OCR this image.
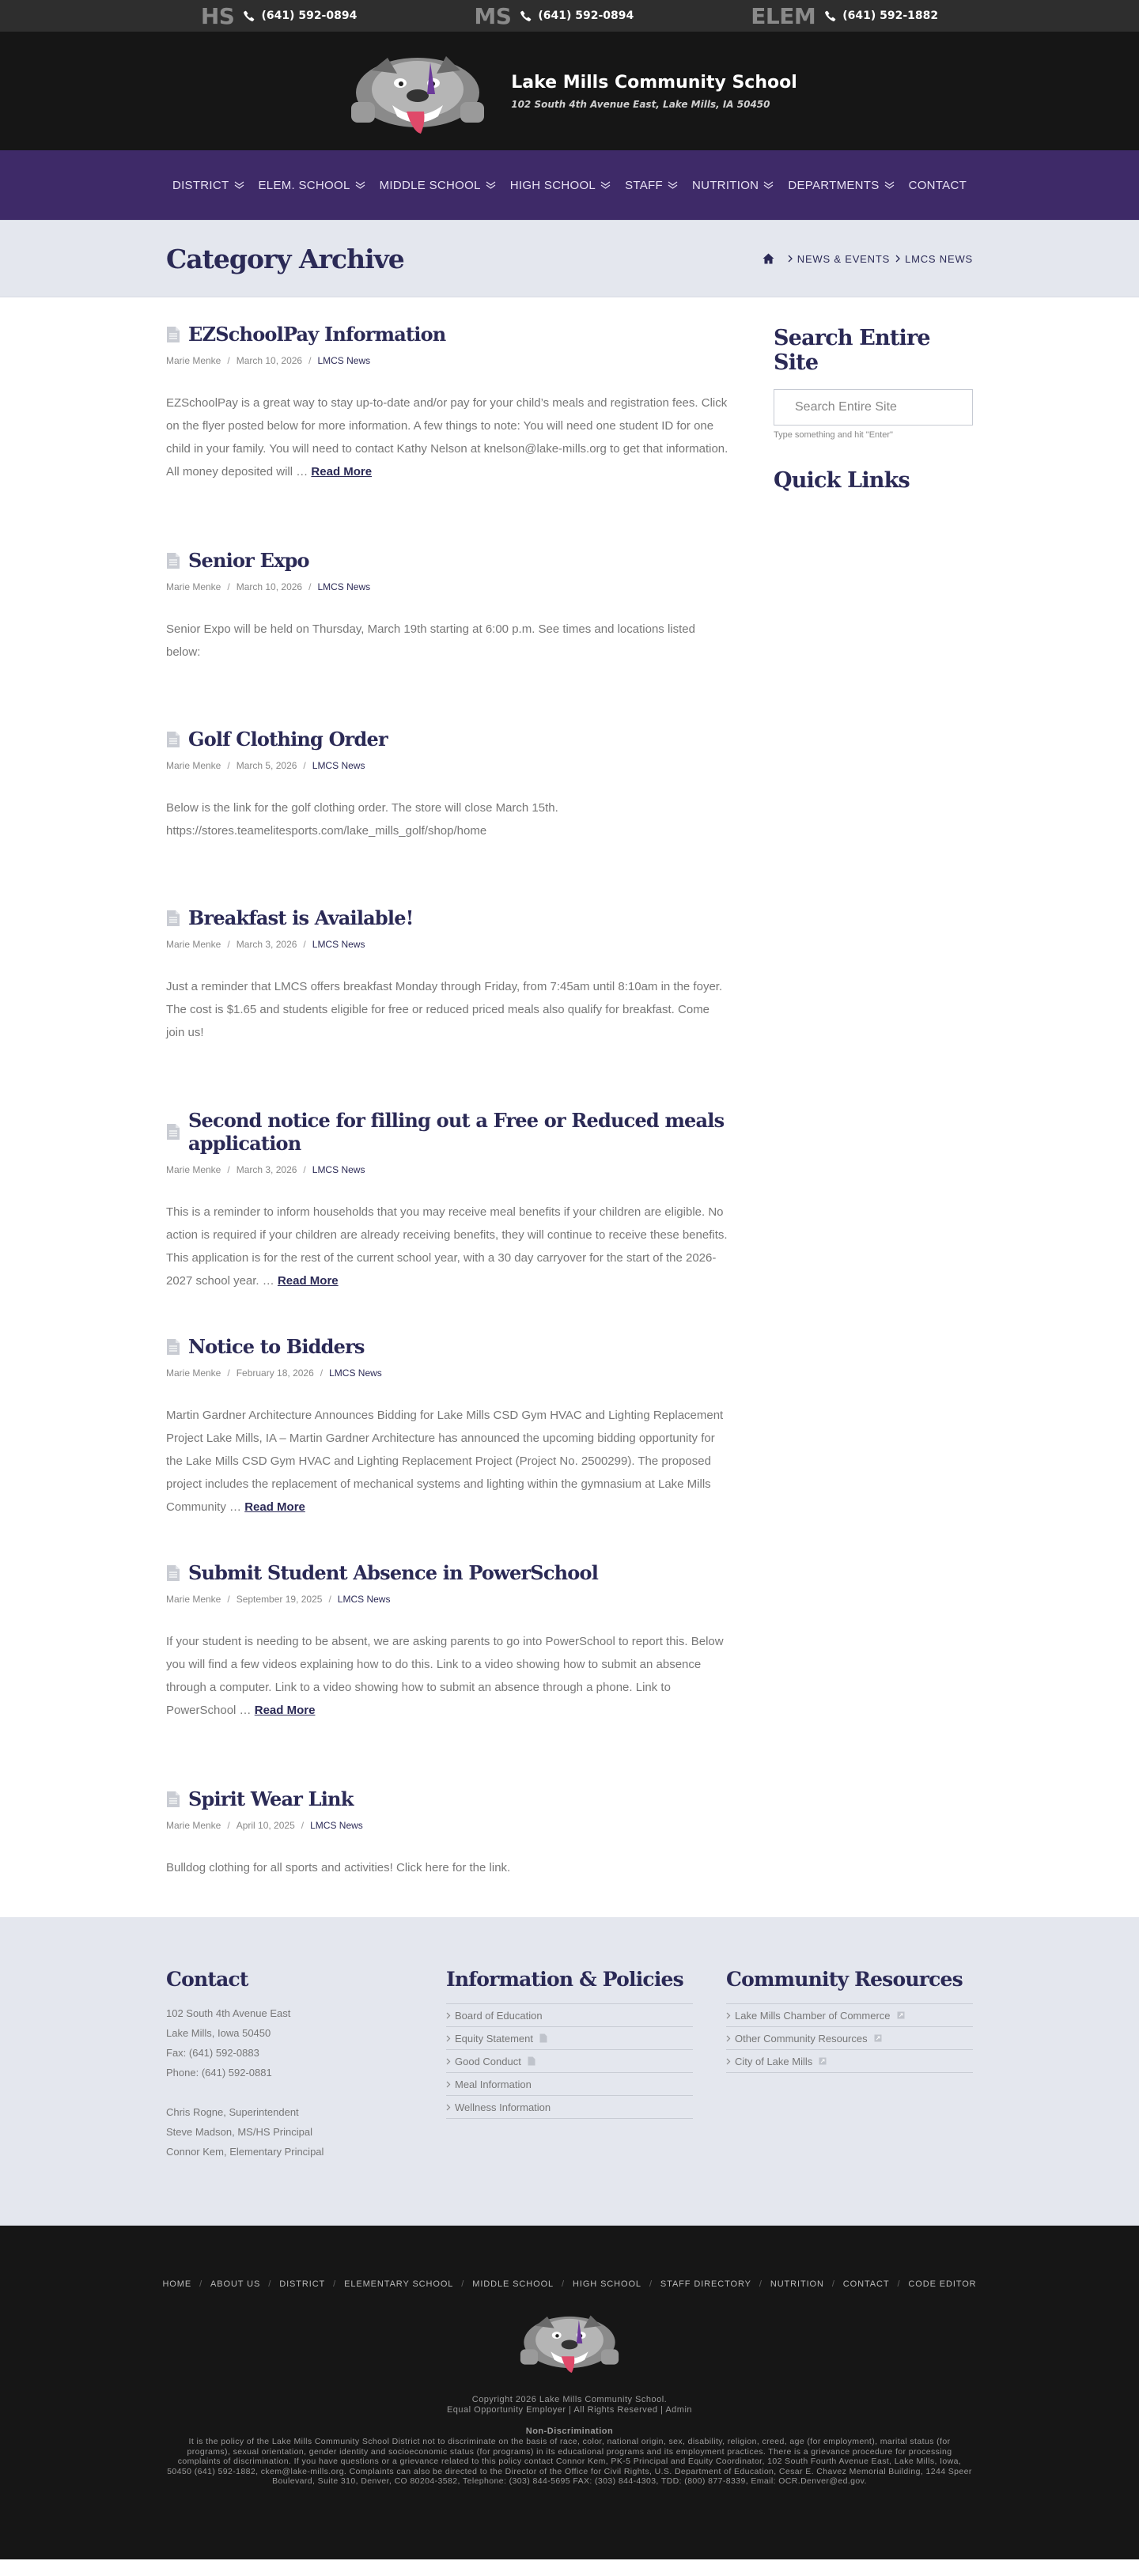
HS (641) 592-0894	MS (641) 592-0894	ELEM (641) 592-1882
Lake Mills Community School
102 South 4th Avenue East, Lake Mills, IA 50450
DISTRICT ELEM. SCHOOL MIDDLE SCHOOL HIGH SCHOOL STAFF NUTRITION DEPARTMENTS CONTACT
Category Archive	NEWS & EVENTS LMCS NEWS
EZSchoolPay Information
Marie Menke / March 10, 2026 / LMCS News

EZSchoolPay is a great way to stay up-to-date and/or pay for your child’s meals and registration fees. Click on the flyer posted below for more information. A few things to note: You will need one student ID for one child in your family. You will need to contact Kathy Nelson at knelson@lake-mills.org to get that information. All money deposited will … Read More

Senior Expo
Marie Menke / March 10, 2026 / LMCS News

Senior Expo will be held on Thursday, March 19th starting at 6:00 p.m. See times and locations listed below:

Golf Clothing Order
Marie Menke / March 5, 2026 / LMCS News

Below is the link for the golf clothing order. The store will close March 15th. https://stores.teamelitesports.com/lake_mills_golf/shop/home

Breakfast is Available!
Marie Menke / March 3, 2026 / LMCS News

Just a reminder that LMCS offers breakfast Monday through Friday, from 7:45am until 8:10am in the foyer. The cost is $1.65 and students eligible for free or reduced priced meals also qualify for breakfast. Come join us!

Second notice for filling out a Free or Reduced meals application
Marie Menke / March 3, 2026 / LMCS News

This is a reminder to inform households that you may receive meal benefits if your children are eligible. No action is required if your children are already receiving benefits, they will continue to receive these benefits. This application is for the rest of the current school year, with a 30 day carryover for the start of the 2026-2027 school year. … Read More

Notice to Bidders
Marie Menke / February 18, 2026 / LMCS News

Martin Gardner Architecture Announces Bidding for Lake Mills CSD Gym HVAC and Lighting Replacement Project Lake Mills, IA – Martin Gardner Architecture has announced the upcoming bidding opportunity for the Lake Mills CSD Gym HVAC and Lighting Replacement Project (Project No. 2500299). The proposed project includes the replacement of mechanical systems and lighting within the gymnasium at Lake Mills Community … Read More

Submit Student Absence in PowerSchool
Marie Menke / September 19, 2025 / LMCS News

If your student is needing to be absent, we are asking parents to go into PowerSchool to report this. Below you will find a few videos explaining how to do this. Link to a video showing how to submit an absence through a computer. Link to a video showing how to submit an absence through a phone. Link to PowerSchool … Read More

Spirit Wear Link
Marie Menke / April 10, 2025 / LMCS News

Bulldog clothing for all sports and activities! Click here for the link.

Search Entire Site
Search Entire Site
Type something and hit "Enter"
Quick Links
Contact
102 South 4th Avenue East
Lake Mills, Iowa 50450
Fax: (641) 592-0883
Phone: (641) 592-0881
Chris Rogne, Superintendent
Steve Madson, MS/HS Principal
Connor Kem, Elementary Principal
Information & Policies
Board of Education
Equity Statement
Good Conduct
Meal Information
Wellness Information
Community Resources
Lake Mills Chamber of Commerce
Other Community Resources
City of Lake Mills
HOME / ABOUT US / DISTRICT / ELEMENTARY SCHOOL / MIDDLE SCHOOL / HIGH SCHOOL / STAFF DIRECTORY / NUTRITION / CONTACT / CODE EDITOR
Copyright 2026 Lake Mills Community School.
Equal Opportunity Employer | All Rights Reserved | Admin
Non-Discrimination
It is the policy of the Lake Mills Community School District not to discriminate on the basis of race, color, national origin, sex, disability, religion, creed, age (for employment), marital status (for programs), sexual orientation, gender identity and socioeconomic status (for programs) in its educational programs and its employment practices. There is a grievance procedure for processing complaints of discrimination. If you have questions or a grievance related to this policy contact Connor Kem, PK-5 Principal and Equity Coordinator, 102 South Fourth Avenue East, Lake Mills, Iowa, 50450 (641) 592-1882, ckem@lake-mills.org. Complaints can also be directed to the Director of the Office for Civil Rights, U.S. Department of Education, Cesar E. Chavez Memorial Building, 1244 Speer Boulevard, Suite 310, Denver, CO 80204-3582, Telephone: (303) 844-5695 FAX: (303) 844-4303, TDD: (800) 877-8339, Email: OCR.Denver@ed.gov.
